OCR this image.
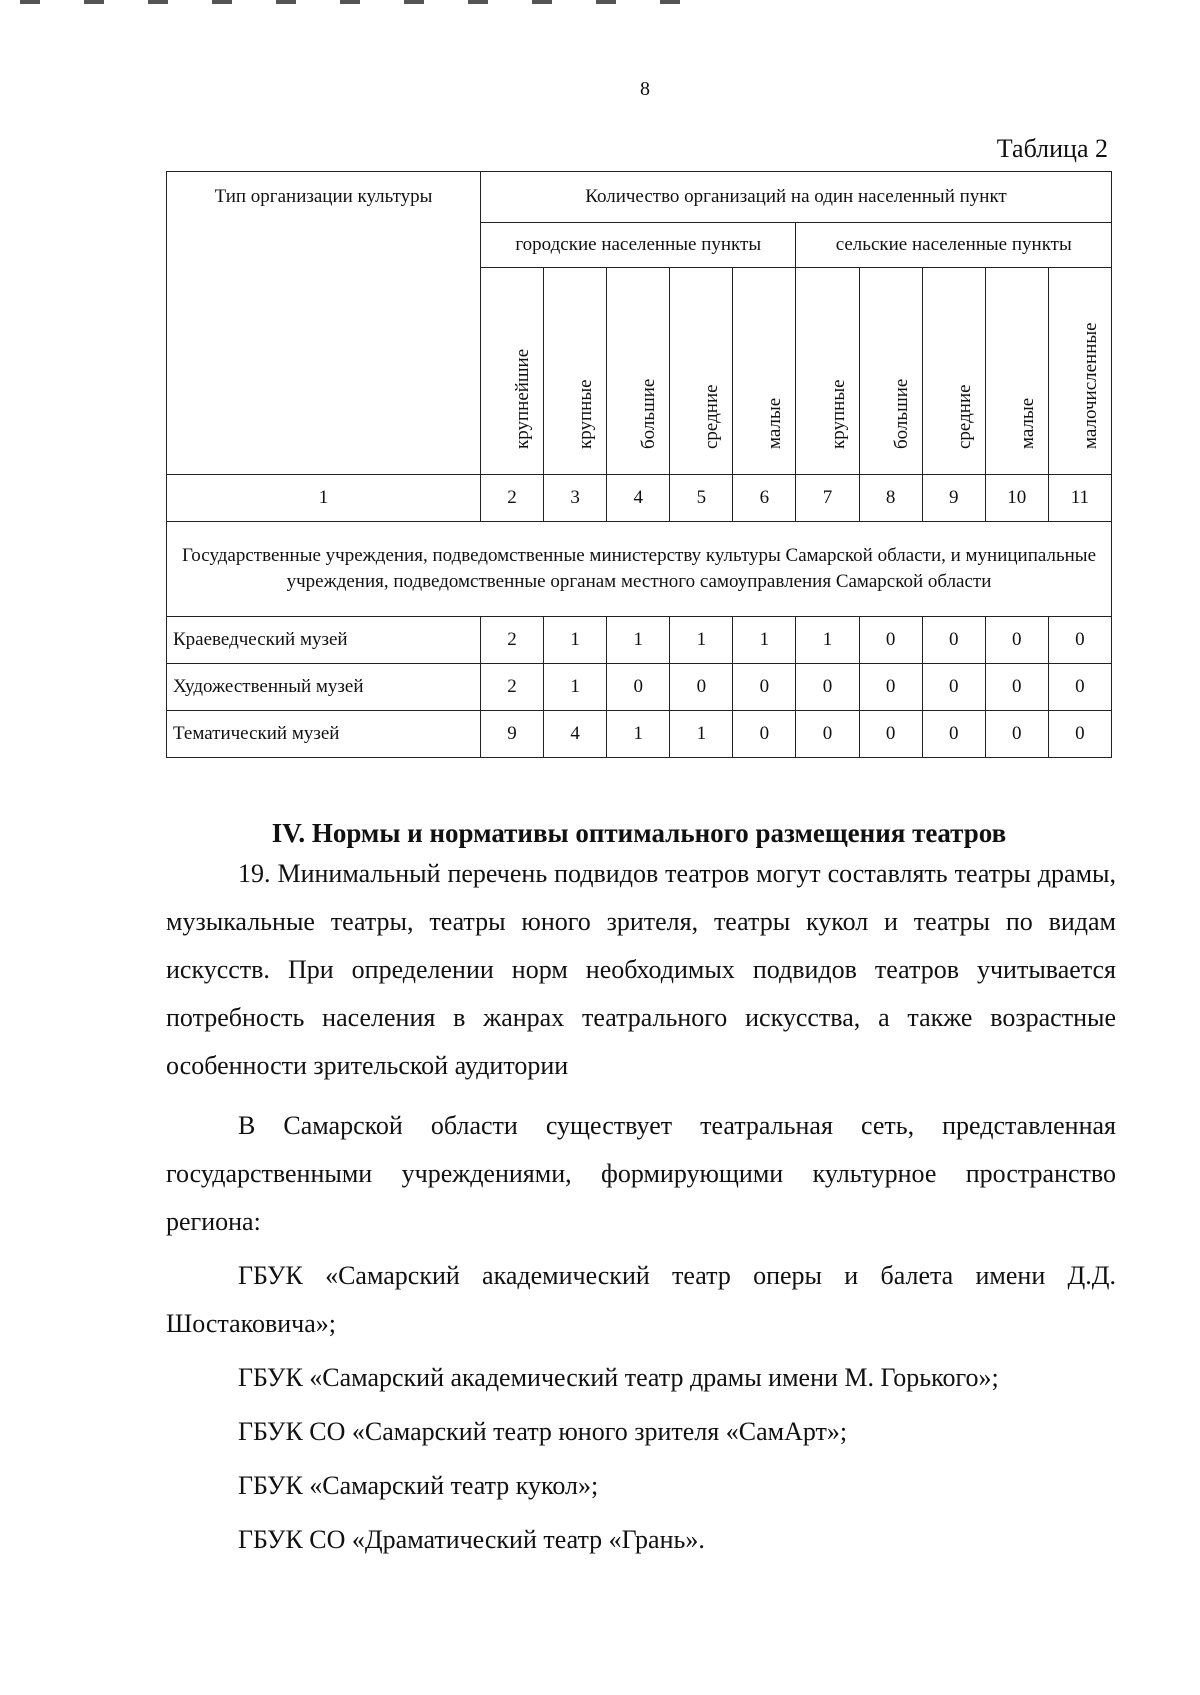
8
Таблица 2
Тип организации культуры	Количество организаций на один населенный пункт									
	городские населенные пункты					сельские населенные пункты				

	крупнейшие	крупные	большие	средние	малые	крупные	большие	средние	малые	малочисленные

1	2	3	4	5	6	7	8	9	10	11
Государственные учреждения, подведомственные министерству культуры Самарской области, и муниципальные учреждения, подведомственные органам местного самоуправления Самарской области										
Краеведческий музей	2	1	1	1	1	1	0	0	0	0
Художественный музей	2	1	0	0	0	0	0	0	0	0
Тематический музей	9	4	1	1	0	0	0	0	0	0
IV. Нормы и нормативы оптимального размещения театров

19. Минимальный перечень подвидов театров могут составлять театры драмы, музыкальные театры, театры юного зрителя, театры кукол и театры по видам искусств. При определении норм необходимых подвидов театров учитывается потребность населения в жанрах театрального искусства, а также возрастные особенности зрительской аудитории

В Самарской области существует театральная сеть, представленная государственными учреждениями, формирующими культурное пространство региона:

ГБУК «Самарский академический театр оперы и балета имени Д.Д. Шостаковича»;

ГБУК «Самарский академический театр драмы имени М. Горького»;

ГБУК СО «Самарский театр юного зрителя «СамАрт»;

ГБУК «Самарский театр кукол»;

ГБУК СО «Драматический театр «Грань».
